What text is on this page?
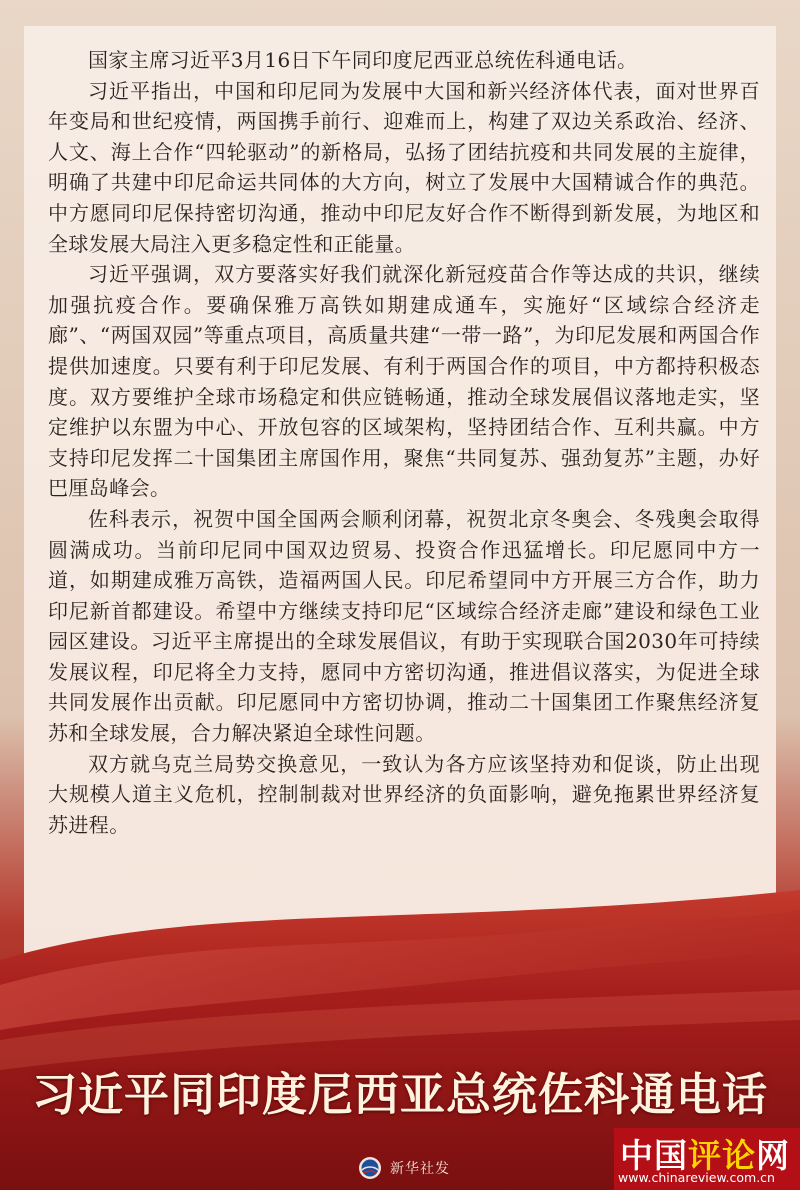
国家主席习近平3月16日下午同印度尼西亚总统佐科通电话。

习近平指出，中国和印尼同为发展中大国和新兴经济体代表，面对世界百年变局和世纪疫情，两国携手前行、迎难而上，构建了双边关系政治、经济、人文、海上合作“四轮驱动”的新格局，弘扬了团结抗疫和共同发展的主旋律，明确了共建中印尼命运共同体的大方向，树立了发展中大国精诚合作的典范。中方愿同印尼保持密切沟通，推动中印尼友好合作不断得到新发展，为地区和全球发展大局注入更多稳定性和正能量。

习近平强调，双方要落实好我们就深化新冠疫苗合作等达成的共识，继续加强抗疫合作。要确保雅万高铁如期建成通车，实施好“区域综合经济走廊”、“两国双园”等重点项目，高质量共建“一带一路”，为印尼发展和两国合作提供加速度。只要有利于印尼发展、有利于两国合作的项目，中方都持积极态度。双方要维护全球市场稳定和供应链畅通，推动全球发展倡议落地走实，坚定维护以东盟为中心、开放包容的区域架构，坚持团结合作、互利共赢。中方支持印尼发挥二十国集团主席国作用，聚焦“共同复苏、强劲复苏”主题，办好巴厘岛峰会。

佐科表示，祝贺中国全国两会顺利闭幕，祝贺北京冬奥会、冬残奥会取得圆满成功。当前印尼同中国双边贸易、投资合作迅猛增长。印尼愿同中方一道，如期建成雅万高铁，造福两国人民。印尼希望同中方开展三方合作，助力印尼新首都建设。希望中方继续支持印尼“区域综合经济走廊”建设和绿色工业园区建设。习近平主席提出的全球发展倡议，有助于实现联合国2030年可持续发展议程，印尼将全力支持，愿同中方密切沟通，推进倡议落实，为促进全球共同发展作出贡献。印尼愿同中方密切协调，推动二十国集团工作聚焦经济复苏和全球发展，合力解决紧迫全球性问题。

双方就乌克兰局势交换意见，一致认为各方应该坚持劝和促谈，防止出现大规模人道主义危机，控制制裁对世界经济的负面影响，避免拖累世界经济复苏进程。

习近平同印度尼西亚总统佐科通电话
新华社发	中国评论网
www.chinareview.com.cn
